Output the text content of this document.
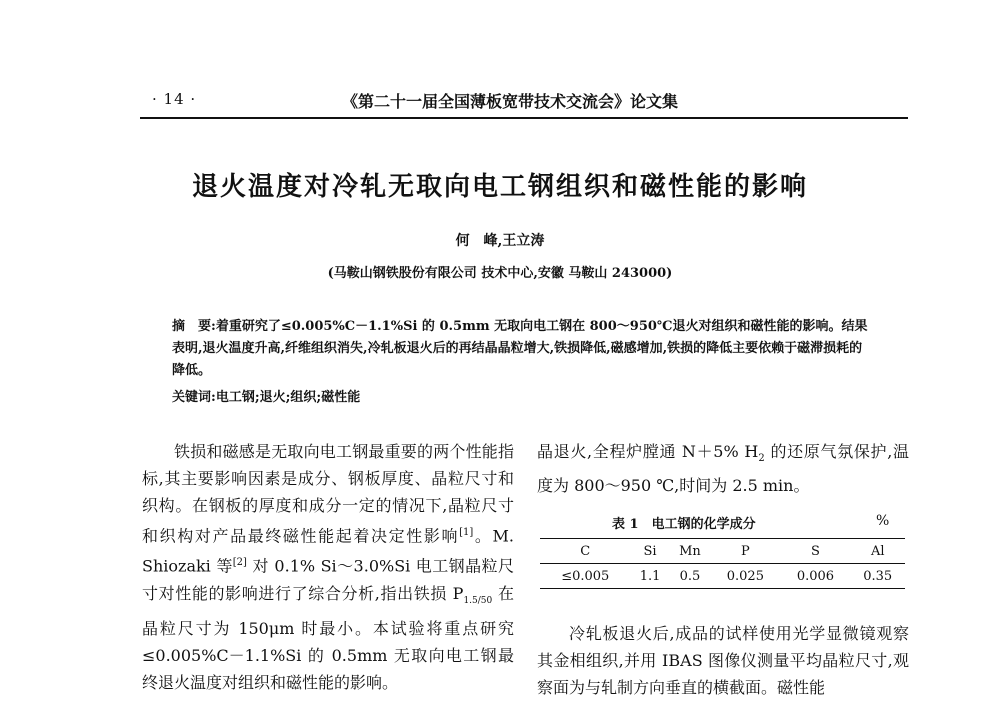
· 14 ·	《第二十一届全国薄板宽带技术交流会》论文集
退火温度对冷轧无取向电工钢组织和磁性能的影响
何　峰,王立涛
(马鞍山钢铁股份有限公司 技术中心,安徽 马鞍山 243000)
摘　要:着重研究了≤0.005%C－1.1%Si 的 0.5mm 无取向电工钢在 800～950℃退火对组织和磁性能的影响。结果表明,退火温度升高,纤维组织消失,冷轧板退火后的再结晶晶粒增大,铁损降低,磁感增加,铁损的降低主要依赖于磁滞损耗的降低。
关键词:电工钢;退火;组织;磁性能

铁损和磁感是无取向电工钢最重要的两个性能指标,其主要影响因素是成分、钢板厚度、晶粒尺寸和织构。在钢板的厚度和成分一定的情况下,晶粒尺寸和织构对产品最终磁性能起着决定性影响[1]。M. Shiozaki 等[2] 对 0.1% Si～3.0%Si 电工钢晶粒尺寸对性能的影响进行了综合分析,指出铁损 $P_{1.5/50}$ 在晶粒尺寸为 150μm 时最小。本试验将重点研究≤0.005%C－1.1%Si 的 0.5mm 无取向电工钢最终退火温度对组织和磁性能的影响。

晶退火,全程炉膛通 N＋5% $H_2$ 的还原气氛保护,温度为 800～950 ℃,时间为 2.5 min。

表 1　电工钢的化学成分	%
C	Si	Mn	P	S	Al
≤0.005	1.1	0.5	0.025	0.006	0.35

冷轧板退火后,成品的试样使用光学显微镜观察其金相组织,并用 IBAS 图像仪测量平均晶粒尺寸,观察面为与轧制方向垂直的横截面。磁性能
